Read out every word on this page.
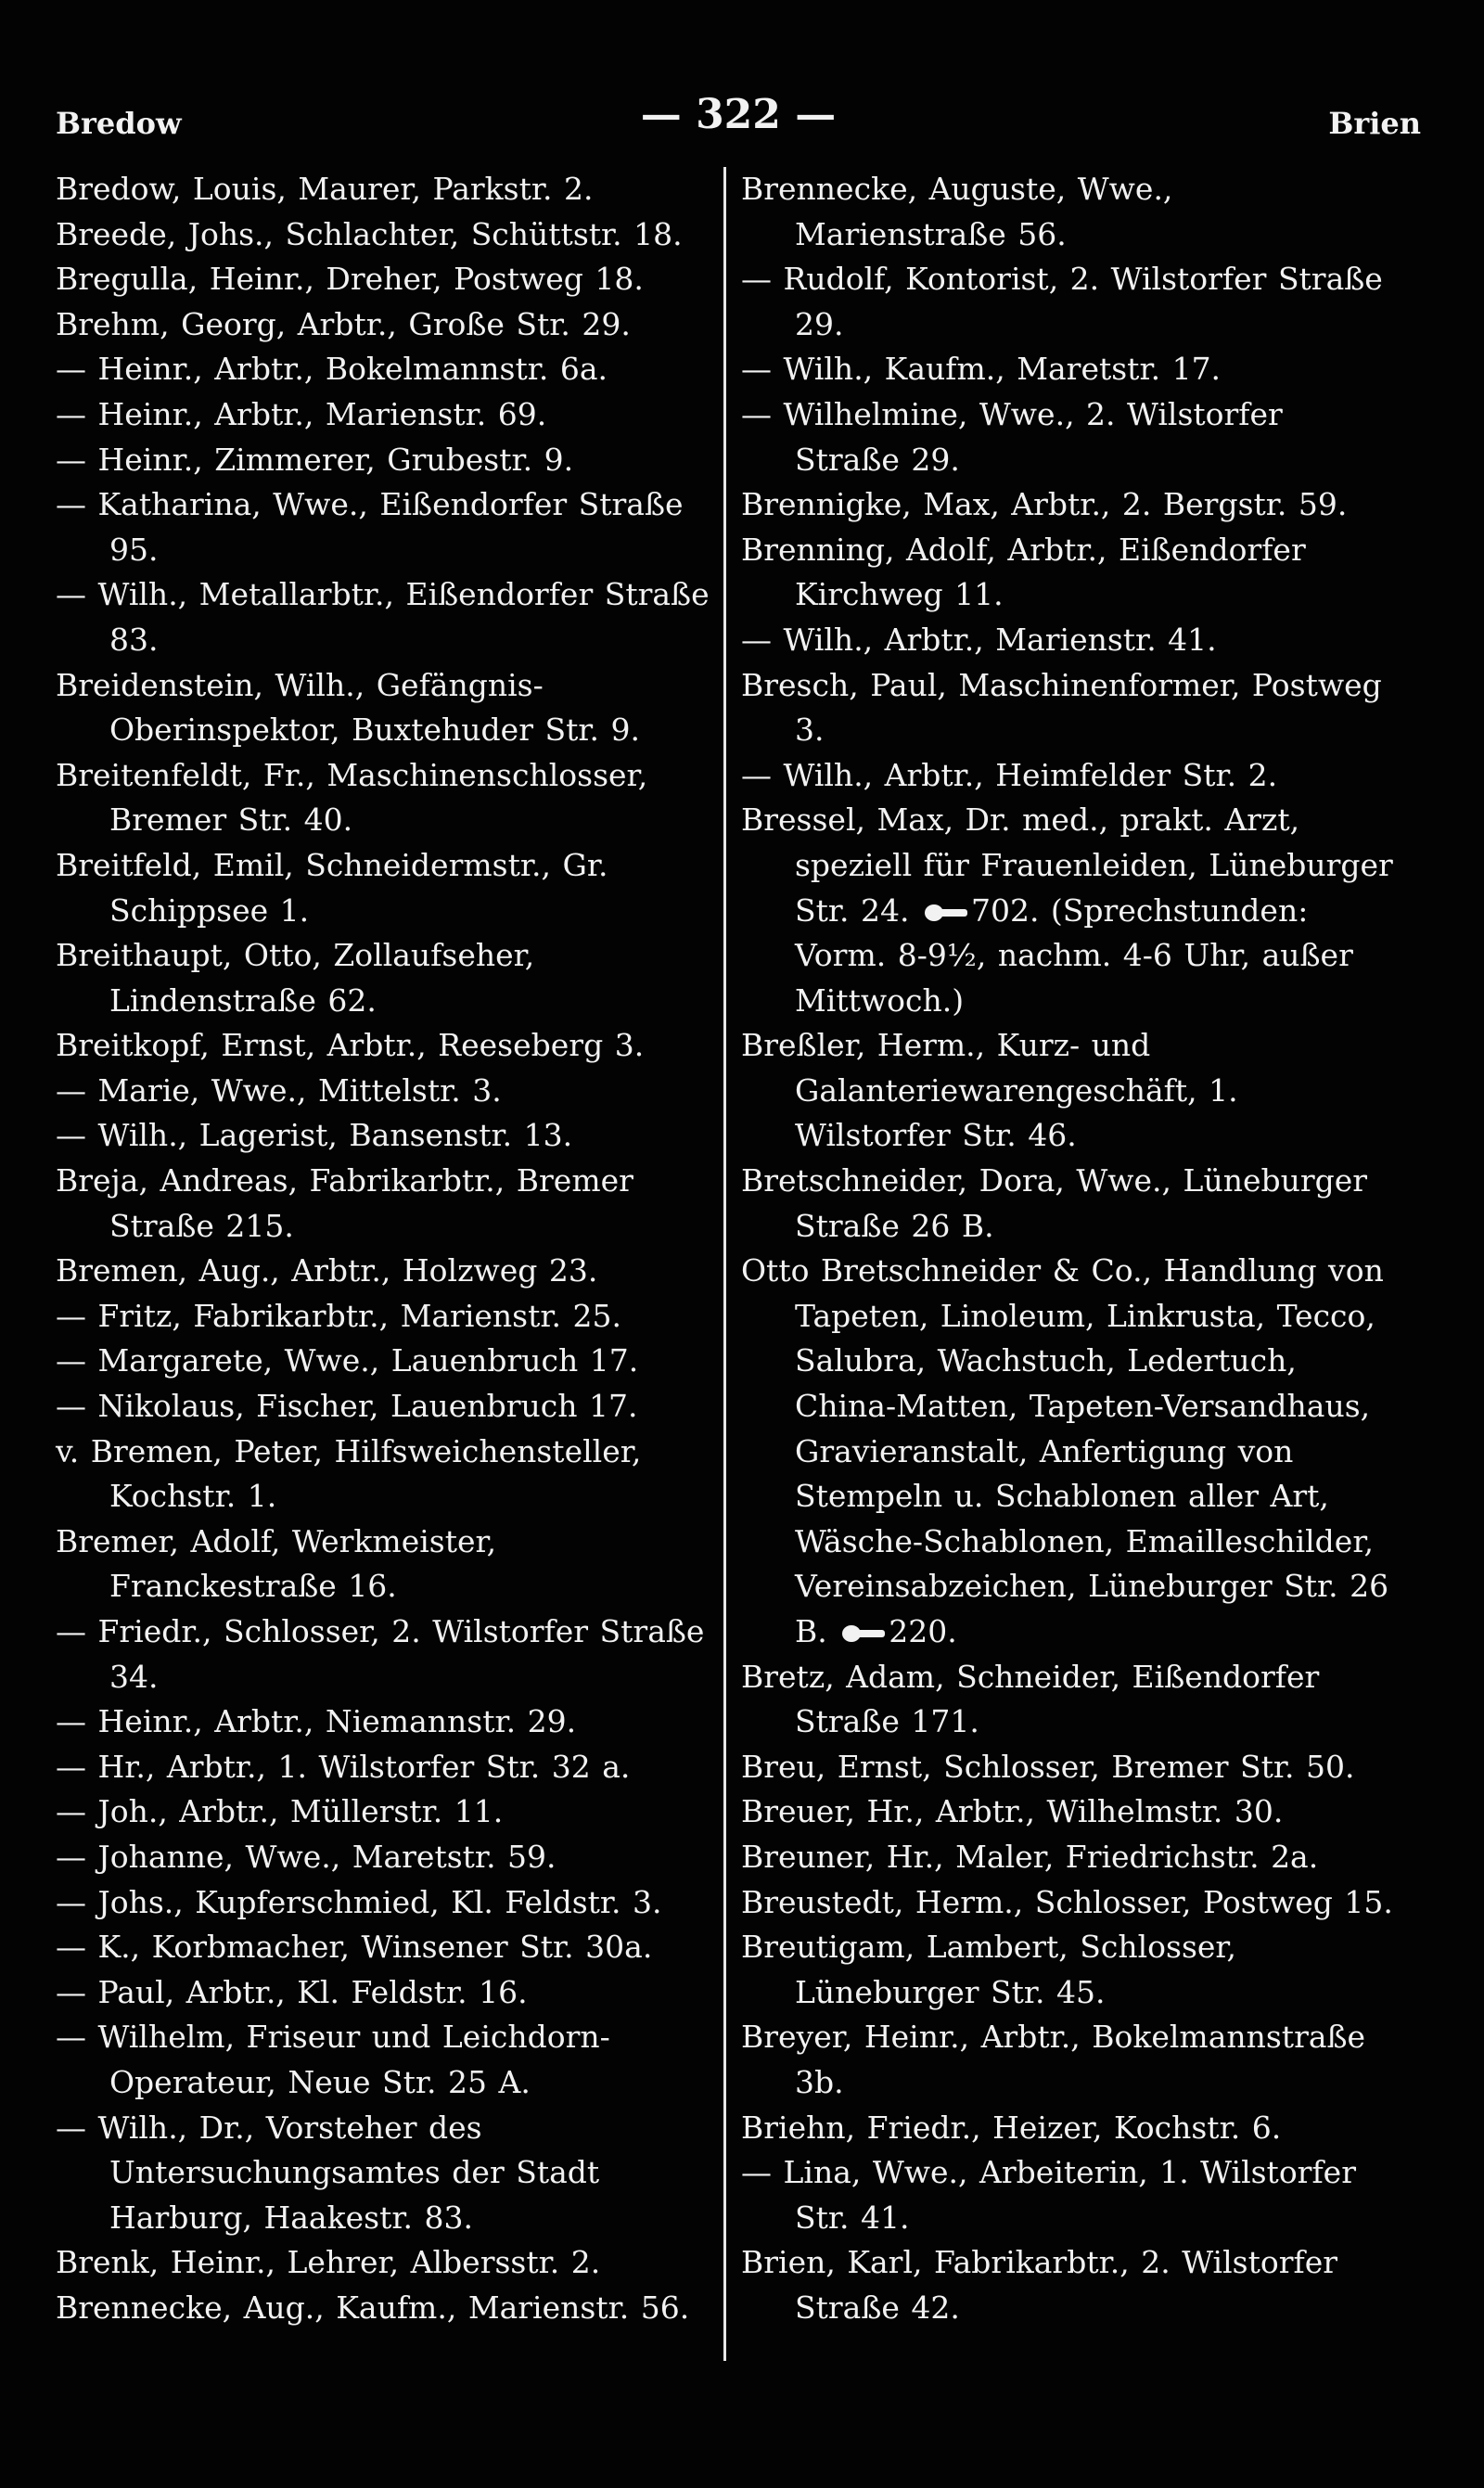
Bredow	— 322 —	Brien

Bredow, Louis, Maurer, Parkstr. 2.

Breede, Johs., Schlachter, Schüttstr. 18.

Bregulla, Heinr., Dreher, Postweg 18.

Brehm, Georg, Arbtr., Große Str. 29.

— Heinr., Arbtr., Bokelmannstr. 6a.

— Heinr., Arbtr., Marienstr. 69.

— Heinr., Zimmerer, Grubestr. 9.

— Katharina, Wwe., Eißendorfer Straße 95.

— Wilh., Metallarbtr., Eißendorfer Straße 83.

Breidenstein, Wilh., Gefängnis-Oberinspektor, Buxtehuder Str. 9.

Breitenfeldt, Fr., Maschinenschlosser, Bremer Str. 40.

Breitfeld, Emil, Schneidermstr., Gr. Schippsee 1.

Breithaupt, Otto, Zollaufseher, Lindenstraße 62.

Breitkopf, Ernst, Arbtr., Reeseberg 3.

— Marie, Wwe., Mittelstr. 3.

— Wilh., Lagerist, Bansenstr. 13.

Breja, Andreas, Fabrikarbtr., Bremer Straße 215.

Bremen, Aug., Arbtr., Holzweg 23.

— Fritz, Fabrikarbtr., Marienstr. 25.

— Margarete, Wwe., Lauenbruch 17.

— Nikolaus, Fischer, Lauenbruch 17.

v. Bremen, Peter, Hilfsweichensteller, Kochstr. 1.

Bremer, Adolf, Werkmeister, Franckestraße 16.

— Friedr., Schlosser, 2. Wilstorfer Straße 34.

— Heinr., Arbtr., Niemannstr. 29.

— Hr., Arbtr., 1. Wilstorfer Str. 32 a.

— Joh., Arbtr., Müllerstr. 11.

— Johanne, Wwe., Maretstr. 59.

— Johs., Kupferschmied, Kl. Feldstr. 3.

— K., Korbmacher, Winsener Str. 30a.

— Paul, Arbtr., Kl. Feldstr. 16.

— Wilhelm, Friseur und Leichdorn-Operateur, Neue Str. 25 A.

— Wilh., Dr., Vorsteher des Untersuchungsamtes der Stadt Harburg, Haakestr. 83.

Brenk, Heinr., Lehrer, Albersstr. 2.

Brennecke, Aug., Kaufm., Marienstr. 56.

Brennecke, Auguste, Wwe., Marienstraße 56.

— Rudolf, Kontorist, 2. Wilstorfer Straße 29.

— Wilh., Kaufm., Maretstr. 17.

— Wilhelmine, Wwe., 2. Wilstorfer Straße 29.

Brennigke, Max, Arbtr., 2. Bergstr. 59.

Brenning, Adolf, Arbtr., Eißendorfer Kirchweg 11.

— Wilh., Arbtr., Marienstr. 41.

Bresch, Paul, Maschinenformer, Postweg 3.

— Wilh., Arbtr., Heimfelder Str. 2.

Bressel, Max, Dr. med., prakt. Arzt, speziell für Frauenleiden, Lüneburger Str. 24. 702. (Sprechstunden: Vorm. 8-9½, nachm. 4-6 Uhr, außer Mittwoch.)

Breßler, Herm., Kurz- und Galanteriewarengeschäft, 1. Wilstorfer Str. 46.

Bretschneider, Dora, Wwe., Lüneburger Straße 26 B.

Otto Bretschneider & Co., Handlung von Tapeten, Linoleum, Linkrusta, Tecco, Salubra, Wachstuch, Ledertuch, China-Matten, Tapeten-Versandhaus, Gravieranstalt, Anfertigung von Stempeln u. Schablonen aller Art, Wäsche-Schablonen, Emailleschilder, Vereinsabzeichen, Lüneburger Str. 26 B. 220.

Bretz, Adam, Schneider, Eißendorfer Straße 171.

Breu, Ernst, Schlosser, Bremer Str. 50.

Breuer, Hr., Arbtr., Wilhelmstr. 30.

Breuner, Hr., Maler, Friedrichstr. 2a.

Breustedt, Herm., Schlosser, Postweg 15.

Breutigam, Lambert, Schlosser, Lüneburger Str. 45.

Breyer, Heinr., Arbtr., Bokelmannstraße 3b.

Briehn, Friedr., Heizer, Kochstr. 6.

— Lina, Wwe., Arbeiterin, 1. Wilstorfer Str. 41.

Brien, Karl, Fabrikarbtr., 2. Wilstorfer Straße 42.
